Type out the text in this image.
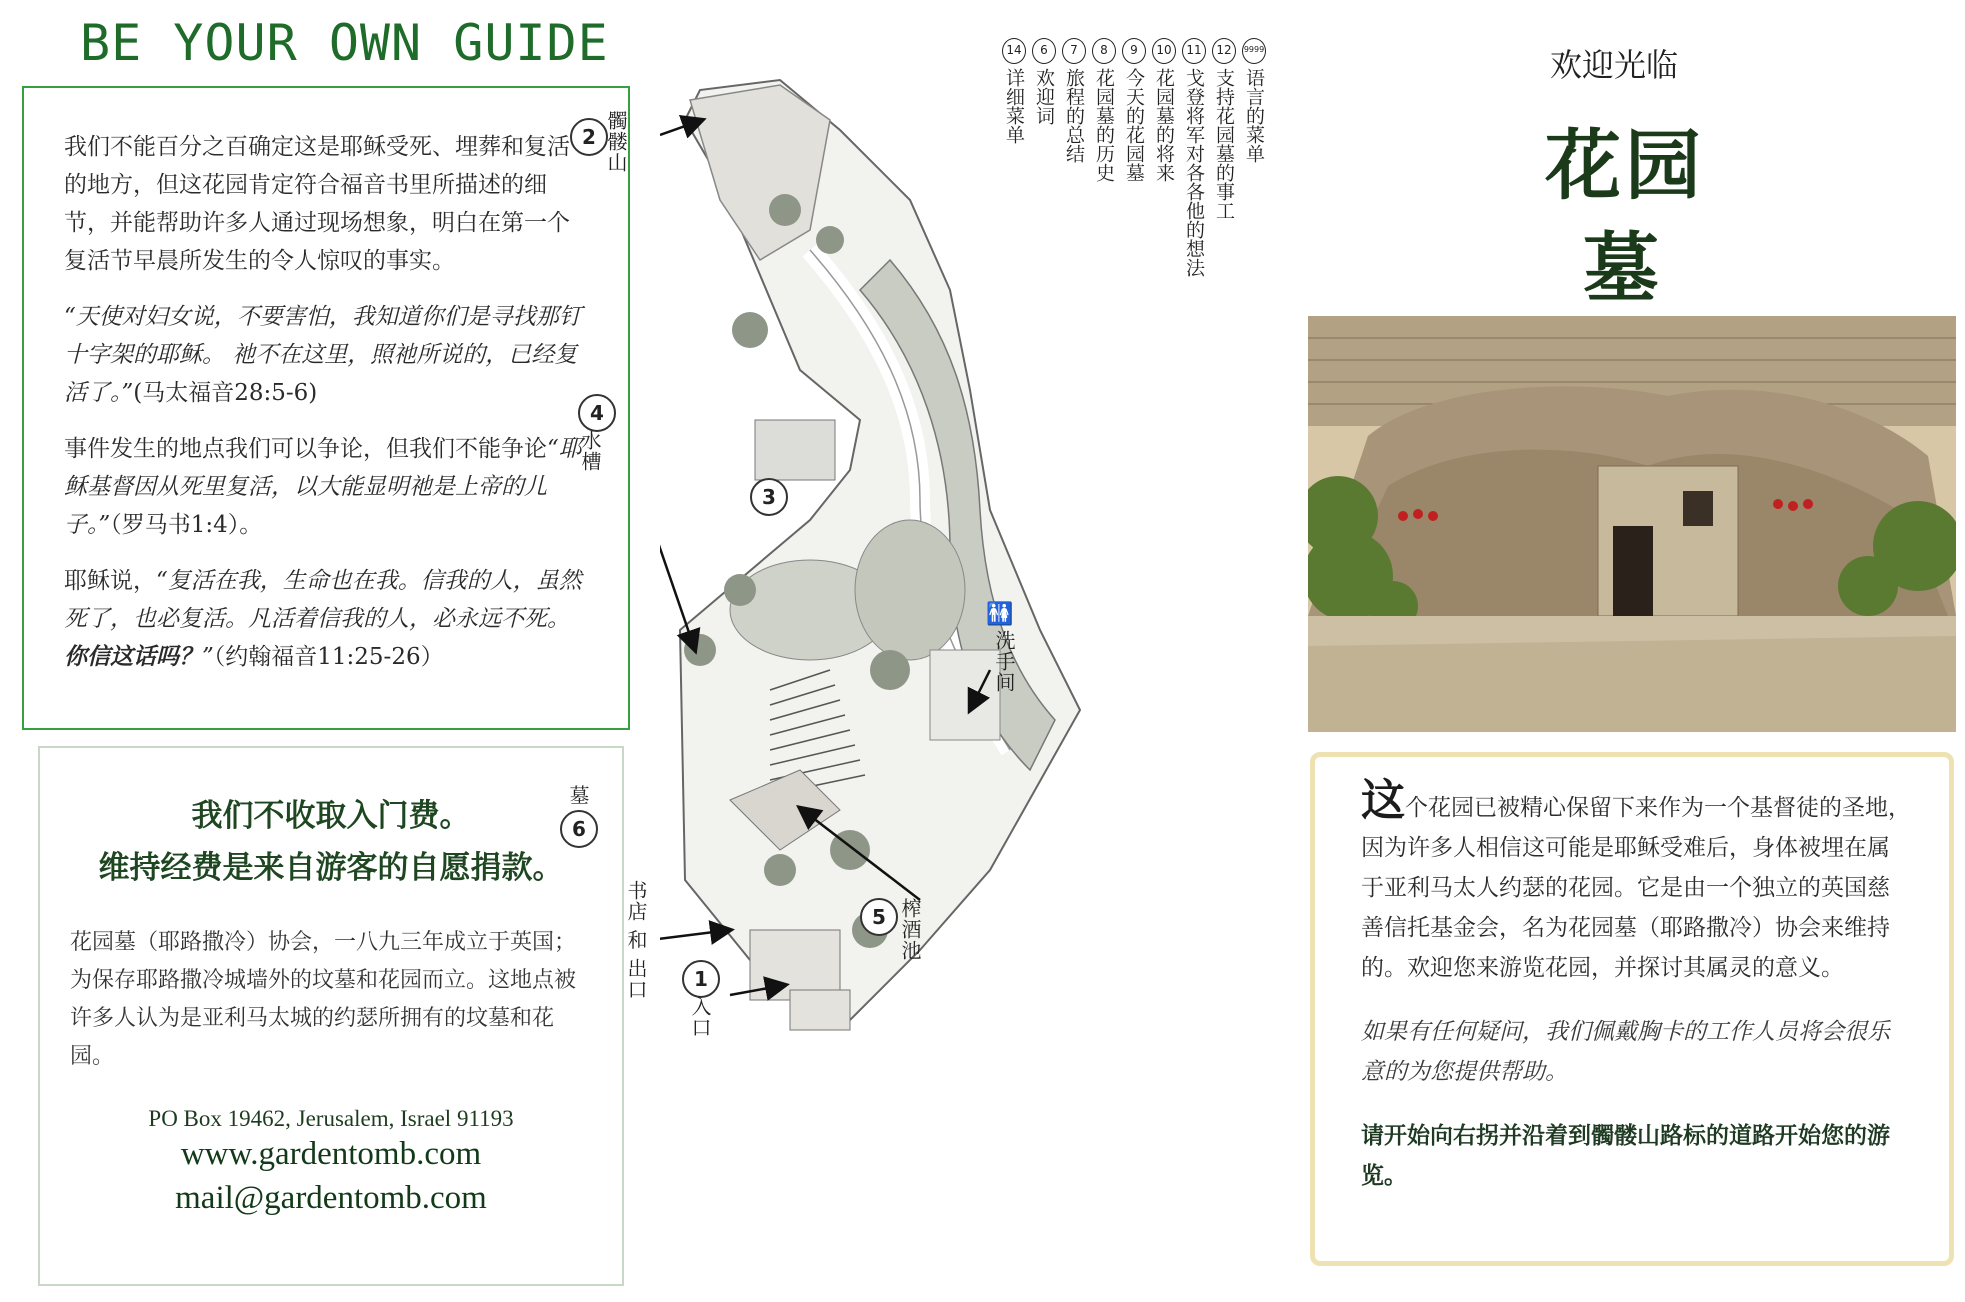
BE YOUR OWN GUIDE

我们不能百分之百确定这是耶稣受死、埋葬和复活的地方，但这花园肯定符合福音书里所描述的细节，并能帮助许多人通过现场想象，明白在第一个复活节早晨所发生的令人惊叹的事实。

“天使对妇女说，不要害怕，我知道你们是寻找那钉十字架的耶稣。 祂不在这里，照祂所说的，已经复活了。”(马太福音28:5-6)

事件发生的地点我们可以争论，但我们不能争论“耶稣基督因从死里复活，以大能显明祂是上帝的儿子。”（罗马书1:4）。

耶稣说，“复活在我，生命也在我。信我的人，虽然死了，也必复活。凡活着信我的人，必永远不死。你信这话吗？”（约翰福音11:25-26）

我们不收取入门费。
维持经费是来自游客的自愿捐款。
花园墓（耶路撒冷）协会，一八九三年成立于英国；为保存耶路撒冷城墙外的坟墓和花园而立。这地点被许多人认为是亚利马太城的约瑟所拥有的坟墓和花园。
PO Box 19462, Jerusalem, Israel 91193
www.gardentomb.com
mail@gardentomb.com
2 髑髅山
4
水槽
3
6
墓
5 榨酒池
1
入口
书店 和 出口
洗手间
🚻
14详细菜单
6欢迎词
7旅程的总结
8花园墓的历史
9今天的花园墓
10花园墓的将来
11戈登将军对各各他的想法
12支持花园墓的事工
9999语言的菜单
欢迎光临
花园
墓
这个花园已被精心保留下来作为一个基督徒的圣地，因为许多人相信这可能是耶稣受难后，身体被埋在属于亚利马太人约瑟的花园。它是由一个独立的英国慈善信托基金会，名为花园墓（耶路撒冷）协会来维持的。欢迎您来游览花园，并探讨其属灵的意义。
如果有任何疑问，我们佩戴胸卡的工作人员将会很乐意的为您提供帮助。
请开始向右拐并沿着到髑髅山路标的道路开始您的游览。
